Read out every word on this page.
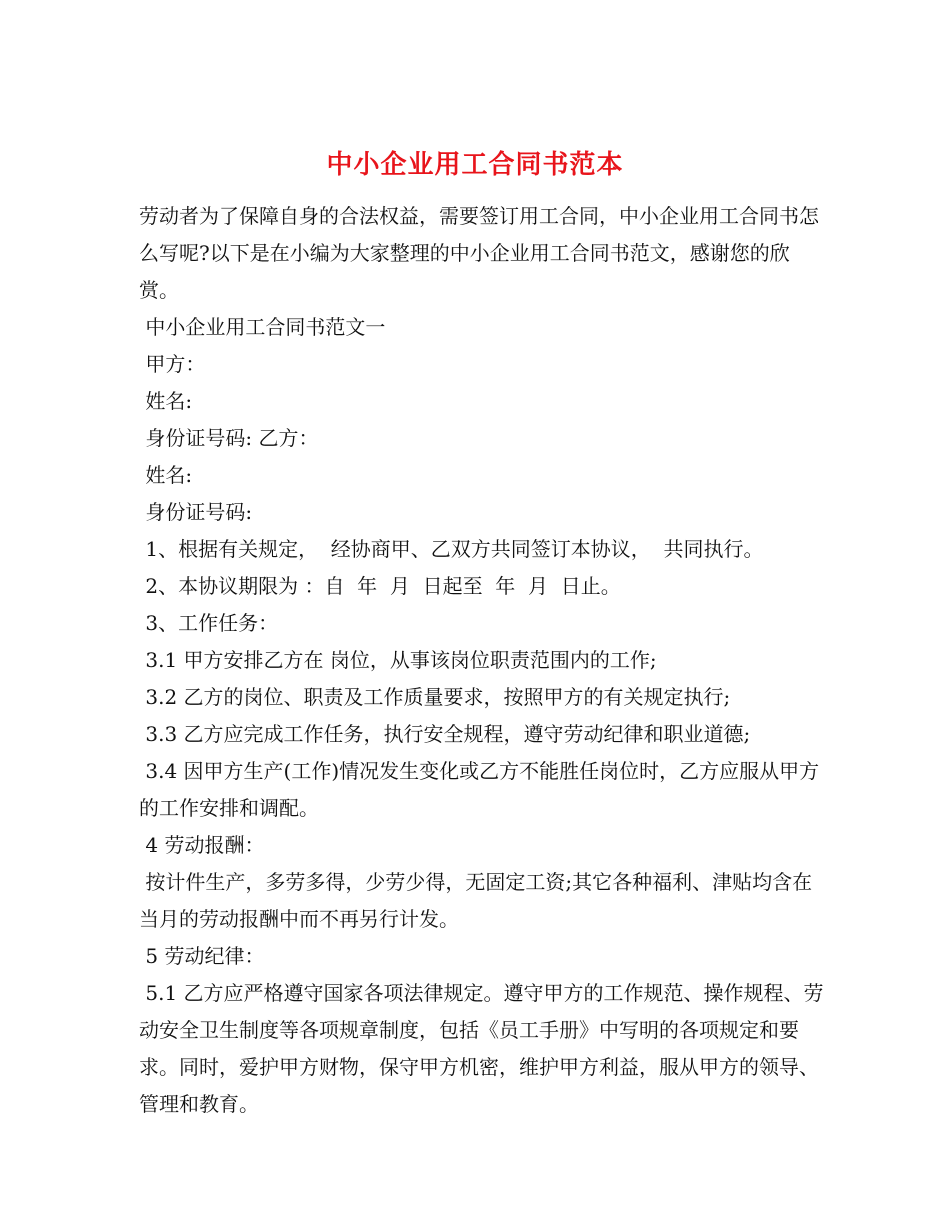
中小企业用工合同书范本

劳动者为了保障自身的合法权益，需要签订用工合同，中小企业用工合同书怎么写呢?以下是在小编为大家整理的中小企业用工合同书范文，感谢您的欣赏。

中小企业用工合同书范文一

甲方：

姓名:

身份证号码: 乙方：

姓名:

身份证号码:

1、根据有关规定，  经协商甲、乙双方共同签订本协议，  共同执行。

2、本协议期限为 ：自  年  月  日起至  年  月  日止。

3、工作任务：

3.1 甲方安排乙方在 岗位，从事该岗位职责范围内的工作;

3.2 乙方的岗位、职责及工作质量要求，按照甲方的有关规定执行;

3.3 乙方应完成工作任务，执行安全规程，遵守劳动纪律和职业道德;

3.4 因甲方生产(工作)情况发生变化或乙方不能胜任岗位时，乙方应服从甲方的工作安排和调配。

4 劳动报酬：

按计件生产，多劳多得，少劳少得，无固定工资;其它各种福利、津贴均含在当月的劳动报酬中而不再另行计发。

5 劳动纪律：

5.1 乙方应严格遵守国家各项法律规定。遵守甲方的工作规范、操作规程、劳动安全卫生制度等各项规章制度，包括《员工手册》中写明的各项规定和要求。同时，爱护甲方财物，保守甲方机密，维护甲方利益，服从甲方的领导、管理和教育。
